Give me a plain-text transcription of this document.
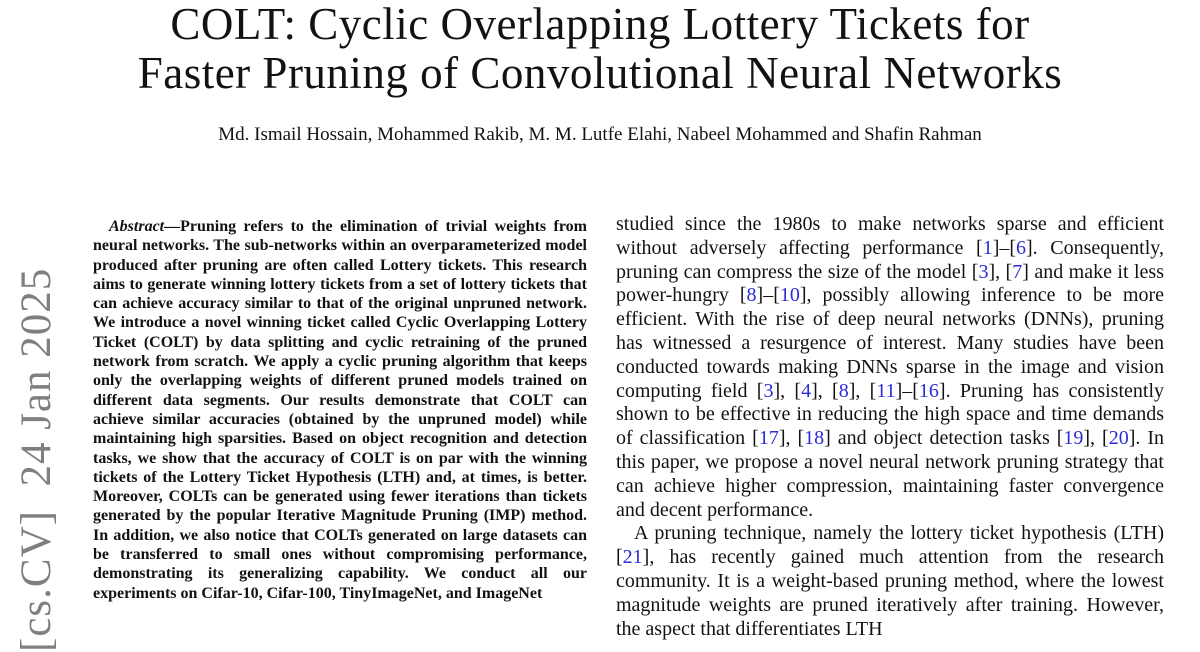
[cs.CV]  24 Jan 2025
COLT: Cyclic Overlapping Lottery Tickets for
Faster Pruning of Convolutional Neural Networks
Md. Ismail Hossain, Mohammed Rakib, M. M. Lutfe Elahi, Nabeel Mohammed and Shafin Rahman

Abstract—Pruning refers to the elimination of trivial weights from neural networks. The sub-networks within an overparameterized model produced after pruning are often called Lottery tickets. This research aims to generate winning lottery tickets from a set of lottery tickets that can achieve accuracy similar to that of the original unpruned network. We introduce a novel winning ticket called Cyclic Overlapping Lottery Ticket (COLT) by data splitting and cyclic retraining of the pruned network from scratch. We apply a cyclic pruning algorithm that keeps only the overlapping weights of different pruned models trained on different data segments. Our results demonstrate that COLT can achieve similar accuracies (obtained by the unpruned model) while maintaining high sparsities. Based on object recognition and detection tasks, we show that the accuracy of COLT is on par with the winning tickets of the Lottery Ticket Hypothesis (LTH) and, at times, is better. Moreover, COLTs can be generated using fewer iterations than tickets generated by the popular Iterative Magnitude Pruning (IMP) method. In addition, we also notice that COLTs generated on large datasets can be transferred to small ones without compromising performance, demonstrating its generalizing capability. We conduct all our experiments on Cifar-10, Cifar-100, TinyImageNet, and ImageNet

studied since the 1980s to make networks sparse and efficient without adversely affecting performance [1]–[6]. Consequently, pruning can compress the size of the model [3], [7] and make it less power-hungry [8]–[10], possibly allowing inference to be more efficient. With the rise of deep neural networks (DNNs), pruning has witnessed a resurgence of interest. Many studies have been conducted towards making DNNs sparse in the image and vision computing field [3], [4], [8], [11]–[16]. Pruning has consistently shown to be effective in reducing the high space and time demands of classification [17], [18] and object detection tasks [19], [20]. In this paper, we propose a novel neural network pruning strategy that can achieve higher compression, maintaining faster convergence and decent performance.

A pruning technique, namely the lottery ticket hypothesis (LTH) [21], has recently gained much attention from the research community. It is a weight-based pruning method, where the lowest magnitude weights are pruned iteratively after training. However, the aspect that differentiates LTH
